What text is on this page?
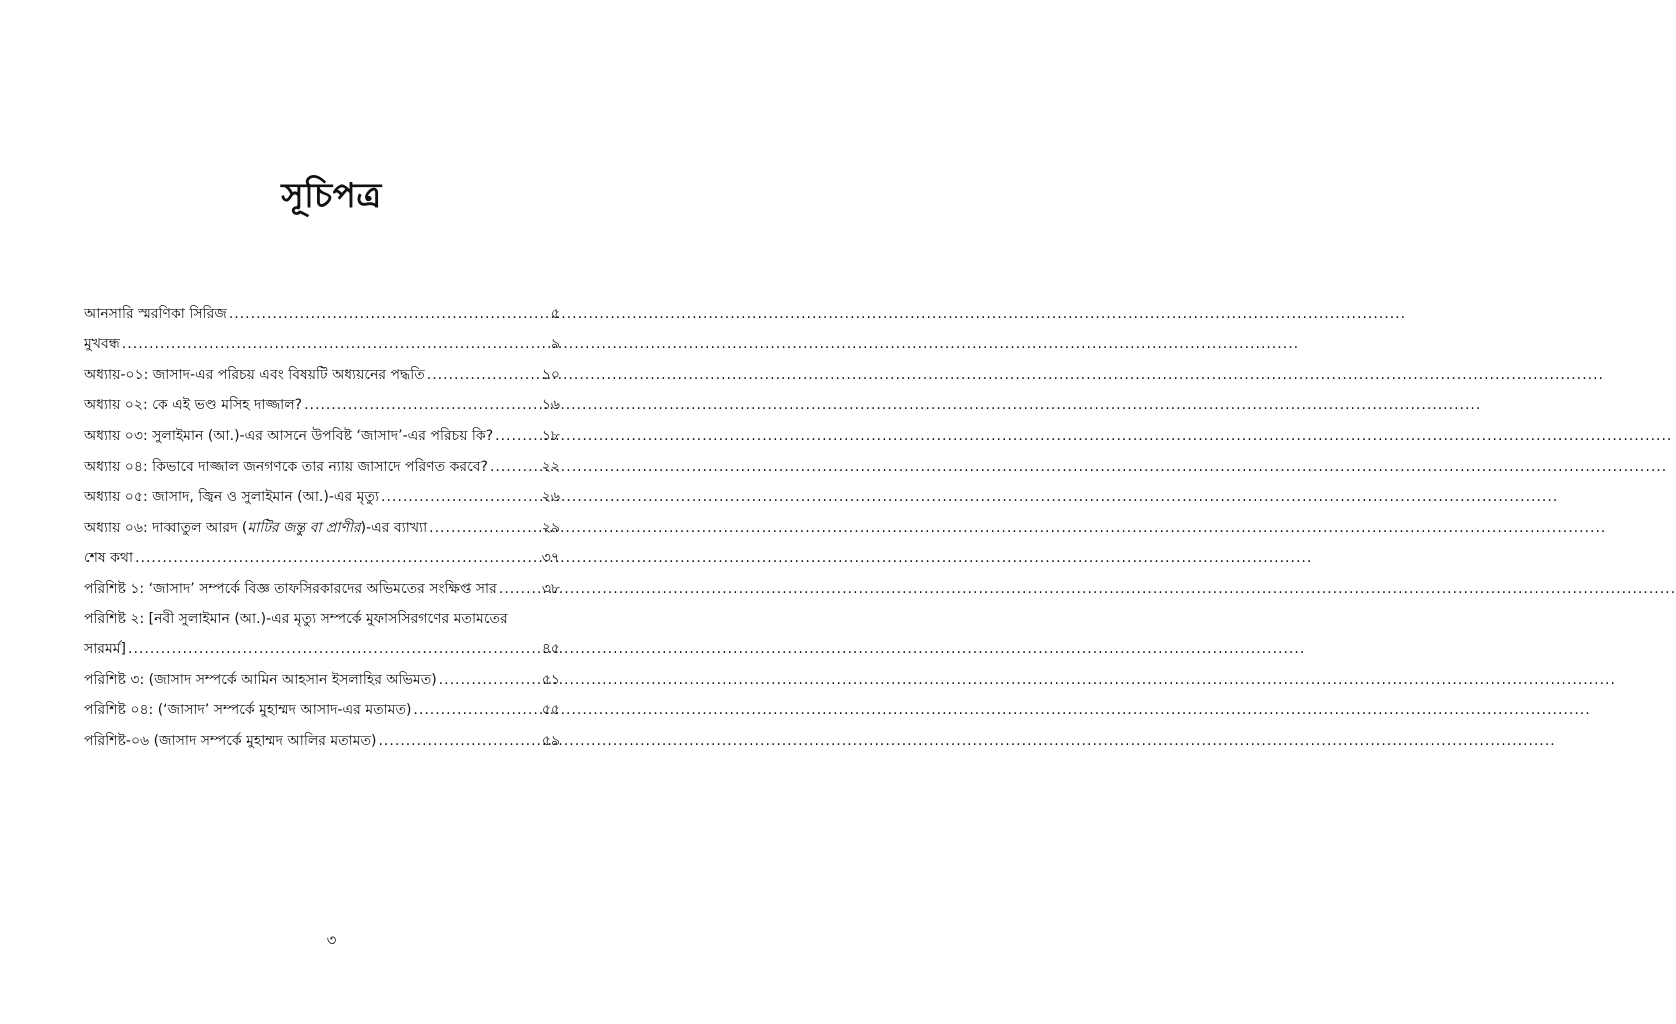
সূচিপত্র
আনসারি স্মরণিকা সিরিজ .....	৫
মুখবন্ধ .....	৯
অধ্যায়-০১: জাসাদ-এর পরিচয় এবং বিষয়টি অধ্যয়নের পদ্ধতি .....	১০
অধ্যায় ০২: কে এই ভণ্ড মসিহ দাজ্জাল? .....	১৬
অধ্যায় ০৩: সুলাইমান (আ.)-এর আসনে উপবিষ্ট ‘জাসাদ’-এর পরিচয় কি? .....	১৮
অধ্যায় ০৪: কিভাবে দাজ্জাল জনগণকে তার ন্যায় জাসাদে পরিণত করবে? .....	২২
অধ্যায় ০৫: জাসাদ, জ্বিন ও সুলাইমান (আ.)-এর মৃত্যু .....	২৬
অধ্যায় ০৬: দাব্বাতুল আরদ (মাটির জন্তু বা প্রাণীর)-এর ব্যাখ্যা .....	২৯
শেষ কথা .....	৩৭
পরিশিষ্ট ১: ‘জাসাদ’ সম্পর্কে বিজ্ঞ তাফসিরকারদের অভিমতের সংক্ষিপ্ত সার .....	৩৮
পরিশিষ্ট ২: [নবী সুলাইমান (আ.)-এর মৃত্যু সম্পর্কে মুফাসসিরগণের মতামতের
সারমর্ম] .....	৪৫
পরিশিষ্ট ৩: (জাসাদ সম্পর্কে আমিন আহসান ইসলাহির অভিমত) .....	৫১
পরিশিষ্ট ০৪: (‘জাসাদ’ সম্পর্কে মুহাম্মদ আসাদ-এর মতামত) .....	৫৫
পরিশিষ্ট-০৬ (জাসাদ সম্পর্কে মুহাম্মদ আলির মতামত) .....	৫৯
৩
